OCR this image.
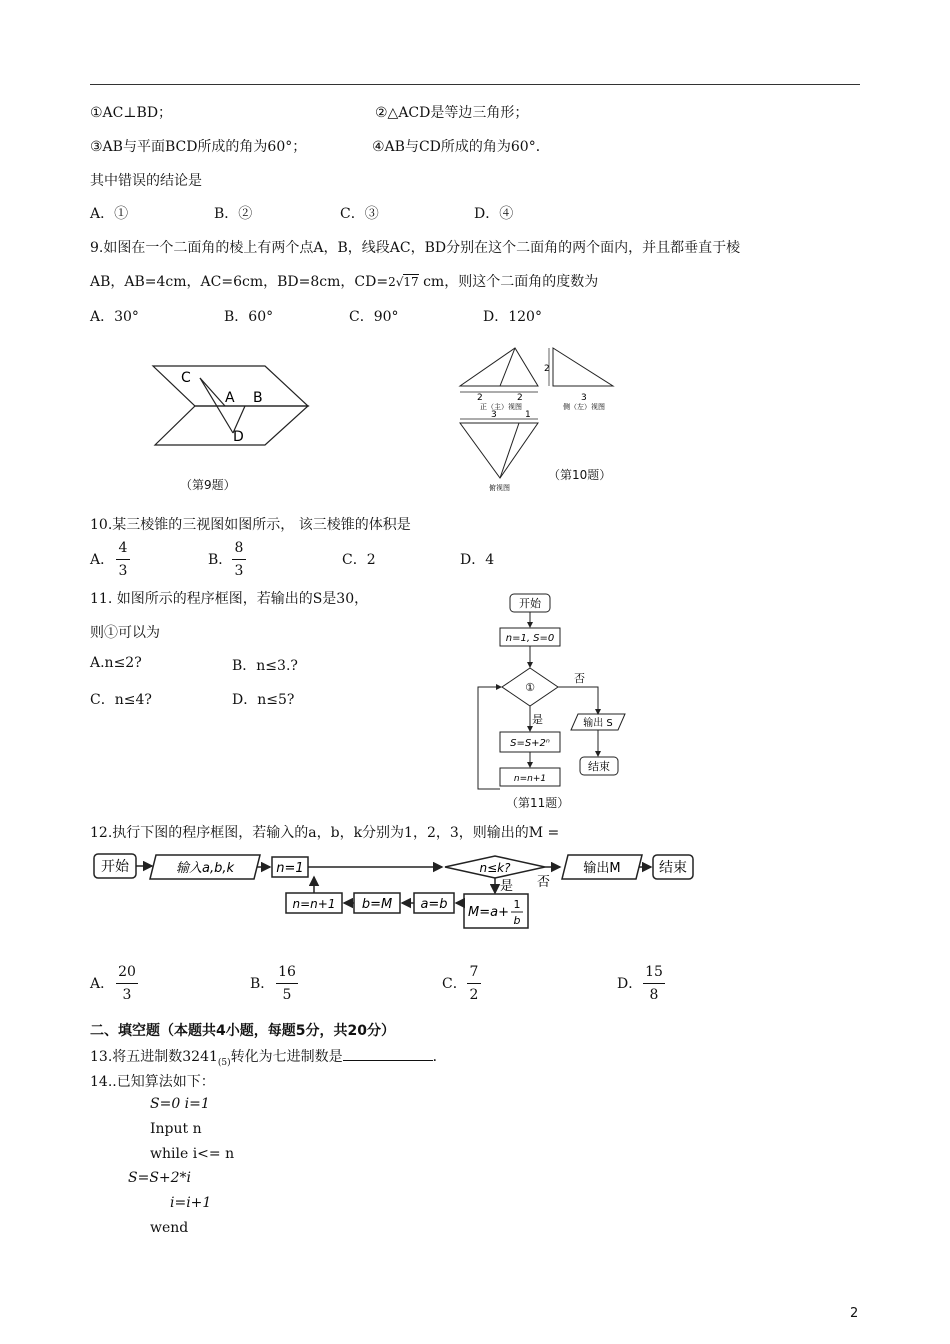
①AC⊥BD；	②△ACD是等边三角形；
③AB与平面BCD所成的角为60°；	④AB与CD所成的角为60°．
其中错误的结论是
A．①	B．②	C．③	D．④
9.如图在一个二面角的棱上有两个点A，B，线段AC，BD分别在这个二面角的两个面内，并且都垂直于棱
AB，AB=4cm，AC=6cm，BD=8cm，CD=2√17 cm，则这个二面角的度数为
A．30°	B．60°	C．90°	D．120°
C
A B
D
（第9题）
2	2
正（主）视图
2
3
侧（左）视图
3	1
俯视图
（第10题）
10.某三棱锥的三视图如图所示， 该三棱锥的体积是
A．
4
3
B．
8
3
C．2	D．4
11. 如图所示的程序框图，若输出的S是30，
则①可以为
A.n≤2?	B．n≤3.?
C．n≤4?	D．n≤5?
开始
n=1, S=0
①
否
输出 S
结束
是
S=S+2ⁿ
n=n+1
（第11题）
12.执行下图的程序框图，若输入的a，b，k分别为1，2，3，则输出的M =
开始	输入a,b,k	n=1	n≤k?
否
输出M	结束
是
M=a+
1
b
a=b
b=M
n=n+1
A．
20
3
B．
16
5
C．
7
2
D．
15
8
二、填空题（本题共4小题，每题5分，共20分）
13.将五进制数$3241_{(5)}$转化为七进制数是	．
14..已知算法如下：
S=0 i=1
Input n
while i<= n
S=S+2*i
i=i+1
wend
2
